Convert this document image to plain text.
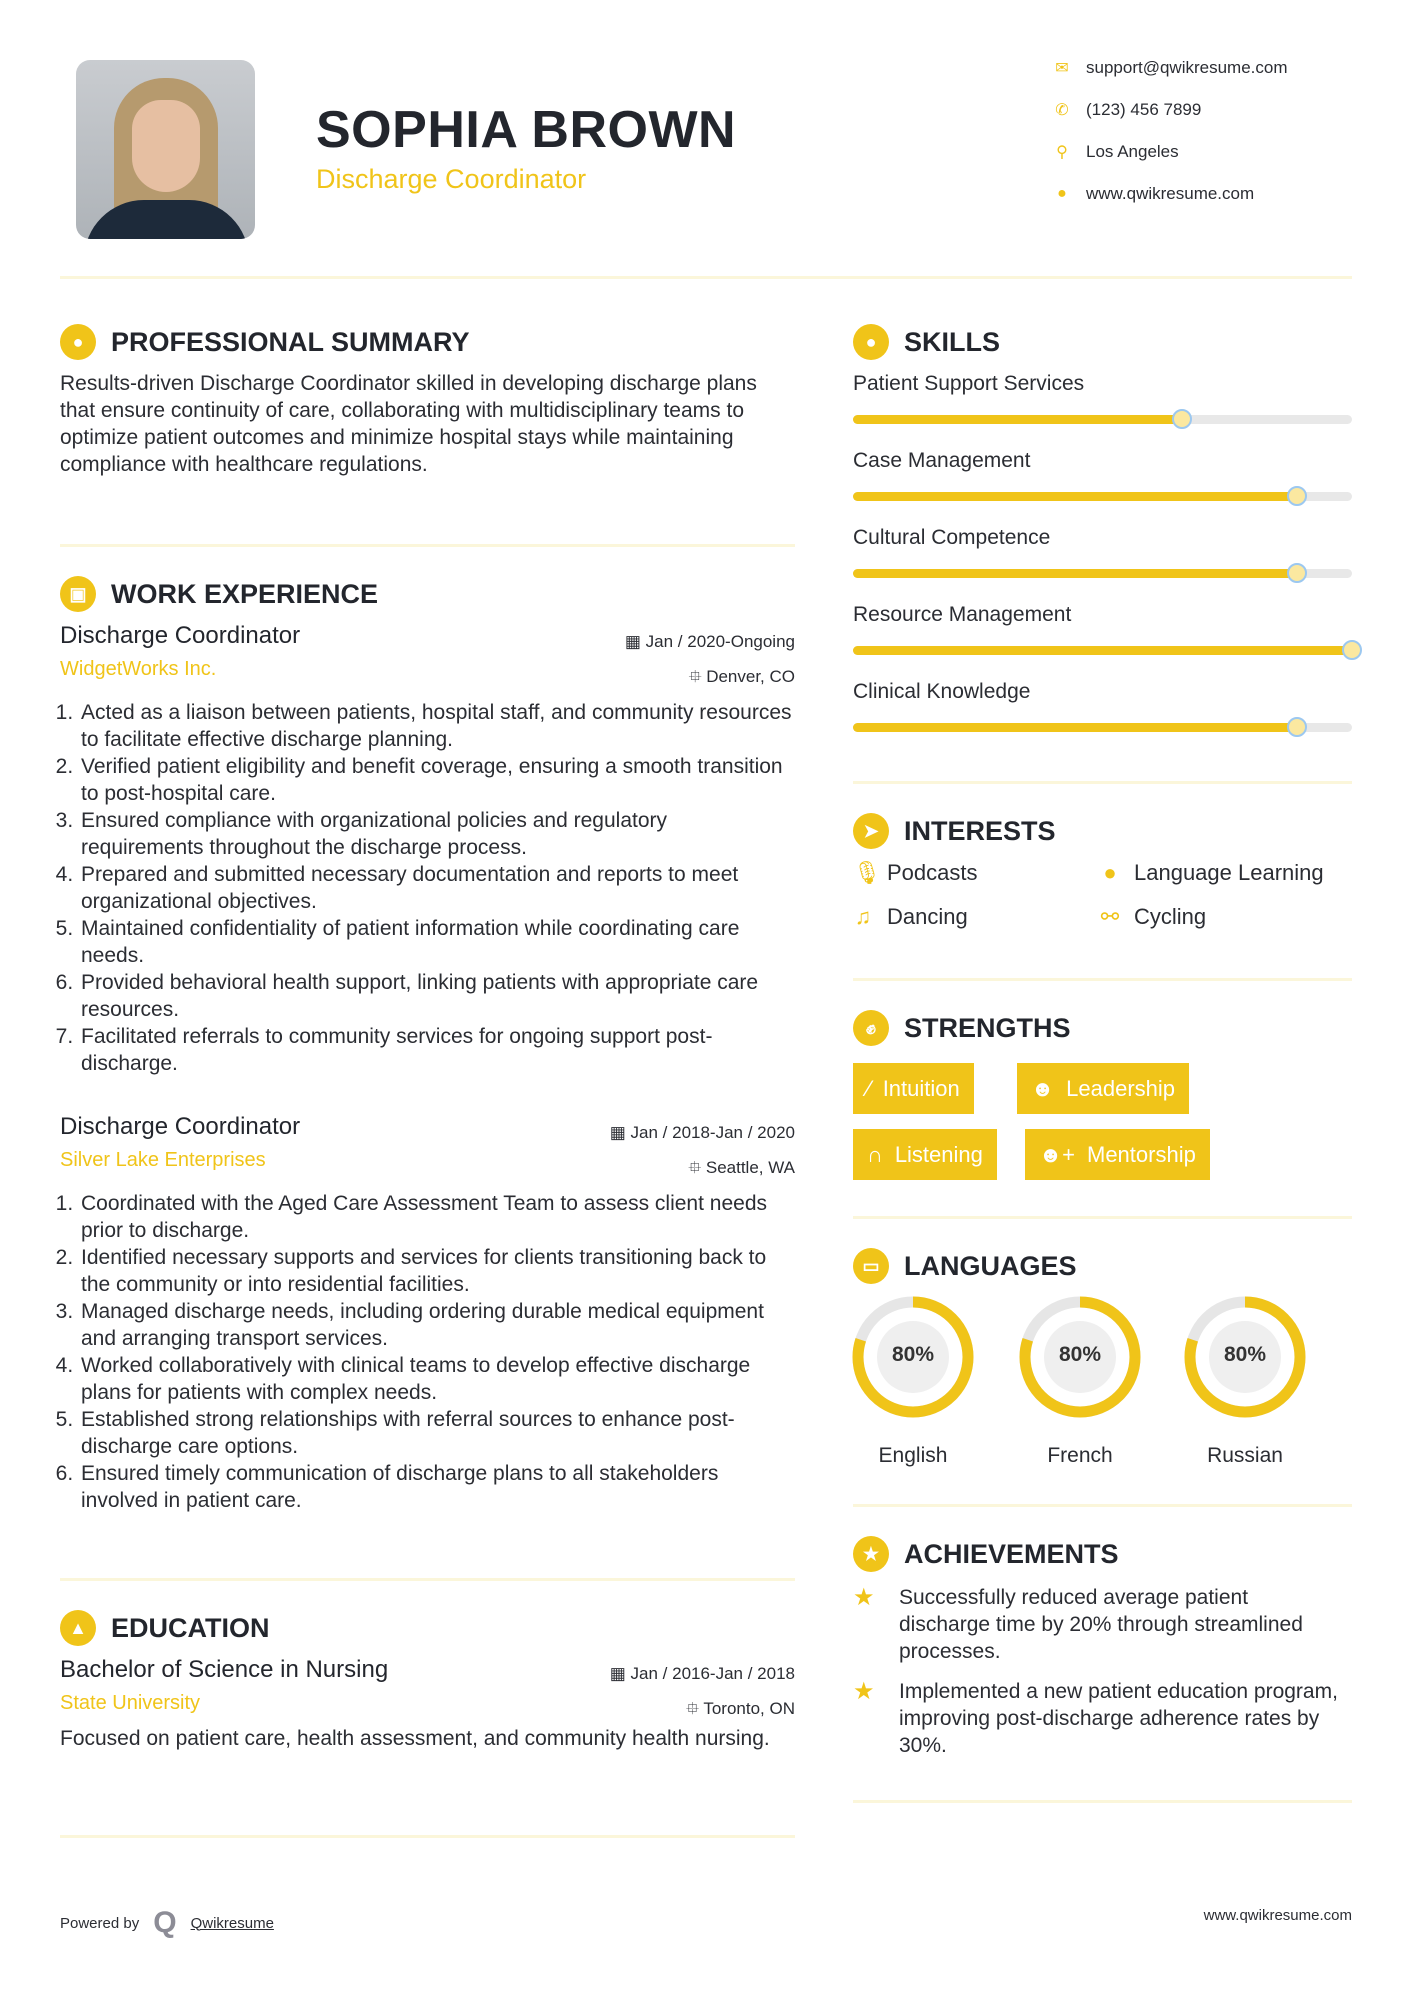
SOPHIA BROWN
Discharge Coordinator
✉ support@qwikresume.com
✆ (123) 456 7899
⚲ Los Angeles
●	www.qwikresume.com
●	PROFESSIONAL SUMMARY
Results-driven Discharge Coordinator skilled in developing discharge plans that ensure continuity of care, collaborating with multidisciplinary teams to optimize patient outcomes and minimize hospital stays while maintaining compliance with healthcare regulations.
▣ WORK EXPERIENCE
Discharge Coordinator
WidgetWorks Inc.
▦ Jan / 2020-Ongoing
⯐ Denver, CO
1. Acted as a liaison between patients, hospital staff, and community resources to facilitate effective discharge planning.
2. Verified patient eligibility and benefit coverage, ensuring a smooth transition to post-hospital care.
3. Ensured compliance with organizational policies and regulatory requirements throughout the discharge process.
4. Prepared and submitted necessary documentation and reports to meet organizational objectives.
5. Maintained confidentiality of patient information while coordinating care needs.
6. Provided behavioral health support, linking patients with appropriate care resources.
7. Facilitated referrals to community services for ongoing support post-discharge.
Discharge Coordinator
Silver Lake Enterprises
▦ Jan / 2018-Jan / 2020
⯐ Seattle, WA
1. Coordinated with the Aged Care Assessment Team to assess client needs prior to discharge.
2. Identified necessary supports and services for clients transitioning back to the community or into residential facilities.
3. Managed discharge needs, including ordering durable medical equipment and arranging transport services.
4. Worked collaboratively with clinical teams to develop effective discharge plans for patients with complex needs.
5. Established strong relationships with referral sources to enhance post-discharge care options.
6. Ensured timely communication of discharge plans to all stakeholders involved in patient care.
▲ EDUCATION
Bachelor of Science in Nursing
State University
▦ Jan / 2016-Jan / 2018
⯐ Toronto, ON
Focused on patient care, health assessment, and community health nursing.
●	SKILLS
Patient Support Services
Case Management
Cultural Competence
Resource Management
Clinical Knowledge
➤ INTERESTS
🎙︎ Podcasts	● Language Learning
♫ Dancing	⚯ Cycling
✊︎	STRENGTHS
⁄ Intuition	☻ Leadership
∩ Listening	☻+ Mentorship
▭ LANGUAGES
80%
English
80%
French
80%
Russian
★ ACHIEVEMENTS
★	Successfully reduced average patient discharge time by 20% through streamlined processes.
★	Implemented a new patient education program, improving post-discharge adherence rates by 30%.
Powered by Q Qwikresume	www.qwikresume.com
